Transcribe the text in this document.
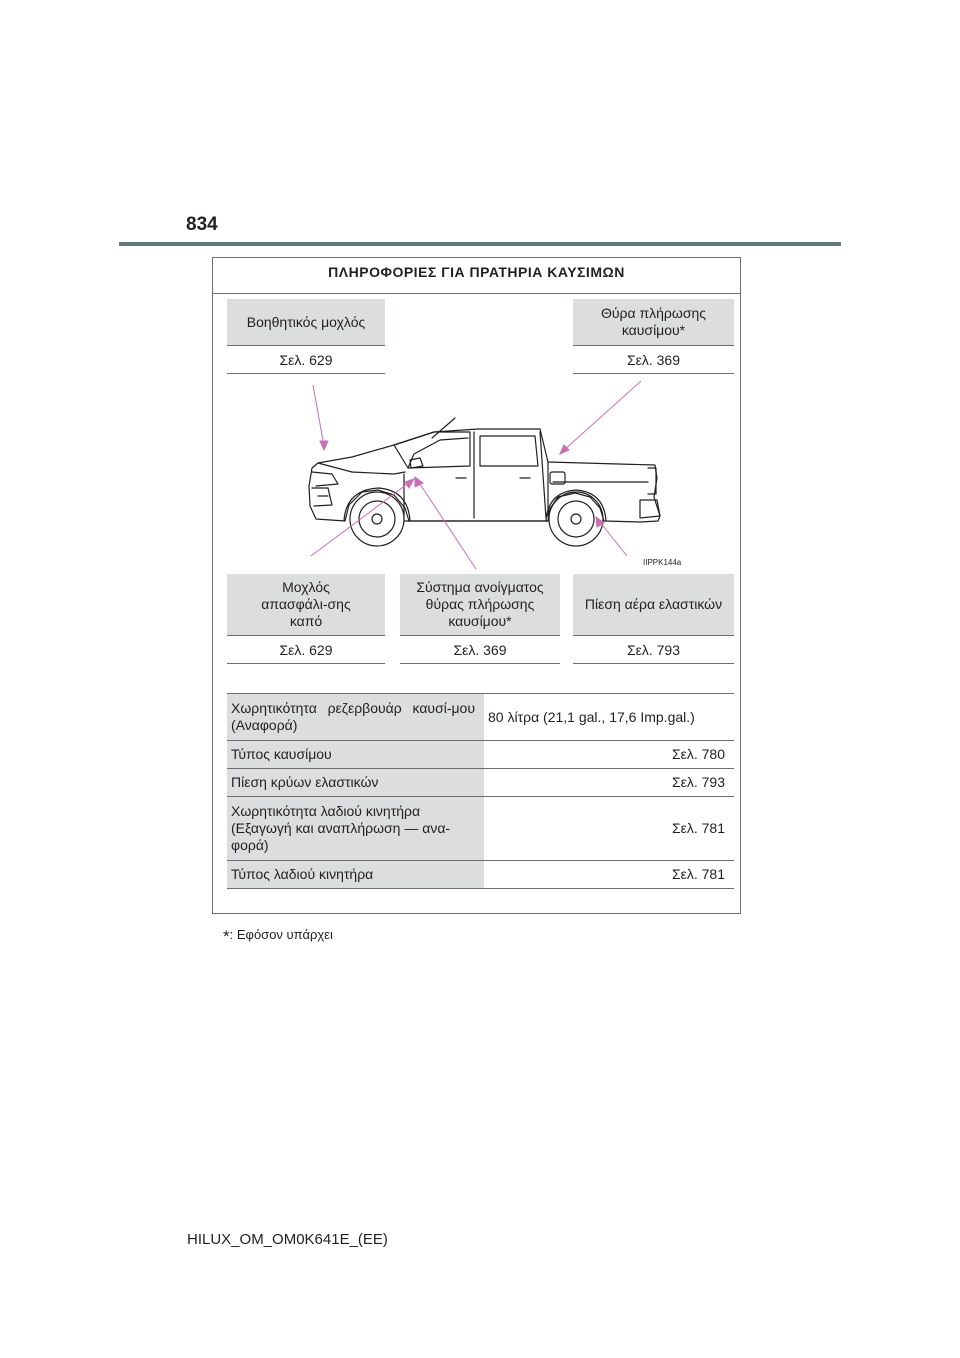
834
ΠΛΗΡΟΦΟΡΙΕΣ ΓΙΑ ΠΡΑΤΗΡΙΑ ΚΑΥΣΙΜΩΝ
Βοηθητικός μοχλός
Σελ. 629
Θύρα πλήρωσης καυσίμου*
Σελ. 369
IIPPK144a
Μοχλός απασφάλι-σης καπό
Σελ. 629
Σύστημα ανοίγματος θύρας πλήρωσης καυσίμου*
Σελ. 369
Πίεση αέρα ελαστικών
Σελ. 793
Χωρητικότητα ρεζερβουάρ καυσί-μου (Αναφορά)	80 λίτρα (21,1 gal., 17,6 Imp.gal.)
Τύπος καυσίμου	Σελ. 780
Πίεση κρύων ελαστικών	Σελ. 793
Χωρητικότητα λαδιού κινητήρα (Εξαγωγή και αναπλήρωση — ανα-φορά)	Σελ. 781
Τύπος λαδιού κινητήρα	Σελ. 781
*: Εφόσον υπάρχει
HILUX_OM_OM0K641E_(EE)
